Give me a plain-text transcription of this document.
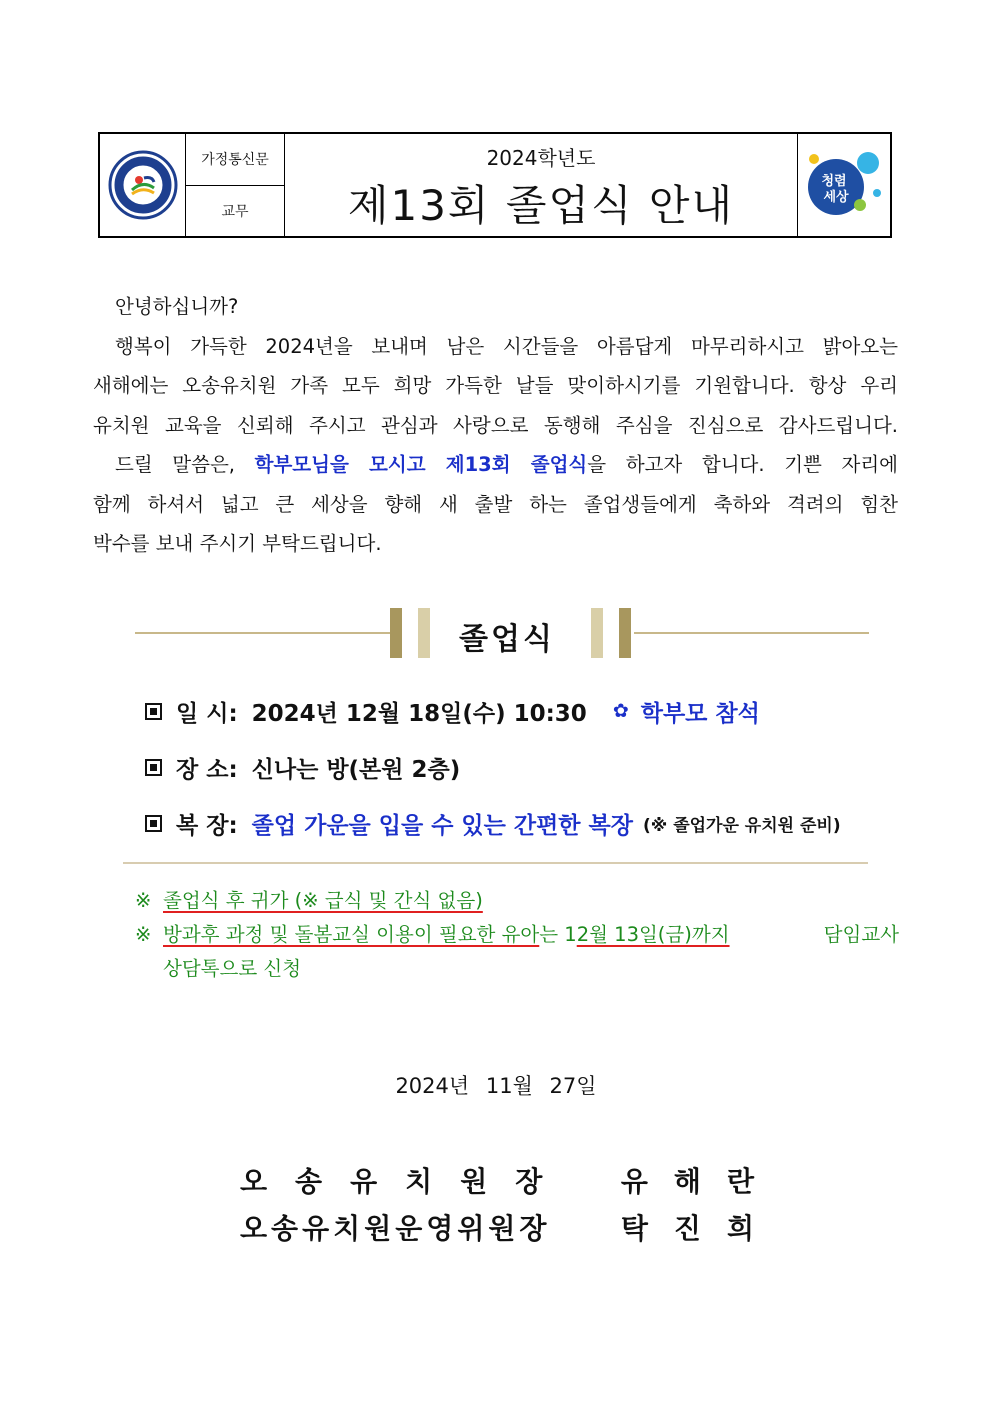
가정통신문
교무
2024학년도
제13회 졸업식 안내	청렴
세상

안녕하십니까?

행복이 가득한 2024년을 보내며 남은 시간들을 아름답게 마무리하시고 밝아오는

새해에는 오송유치원 가족 모두 희망 가득한 날들 맞이하시기를 기원합니다. 항상 우리

유치원 교육을 신뢰해 주시고 관심과 사랑으로 동행해 주심을 진심으로 감사드립니다.

드릴 말씀은, 학부모님을 모시고 제13회 졸업식을 하고자 합니다. 기쁜 자리에

함께 하셔서 넓고 큰 세상을 향해 새 출발 하는 졸업생들에게 축하와 격려의 힘찬

박수를 보내 주시기 부탁드립니다.

졸업식
일 시: 2024년 12월 18일(수) 10:30 ✿ 학부모 참석
장 소: 신나는 방(본원 2층)
복 장: 졸업 가운을 입을 수 있는 간편한 복장 (※ 졸업가운 유치원 준비)
※ 졸업식 후 귀가 (※ 급식 및 간식 없음)
※ 방과후 과정 및 돌봄교실 이용이 필요한 유아는 12월 13일(금)까지	담임교사
상담톡으로 신청
2024년 11월 27일
오송유치원장 유해란
오송유치원운영위원장	탁진희
